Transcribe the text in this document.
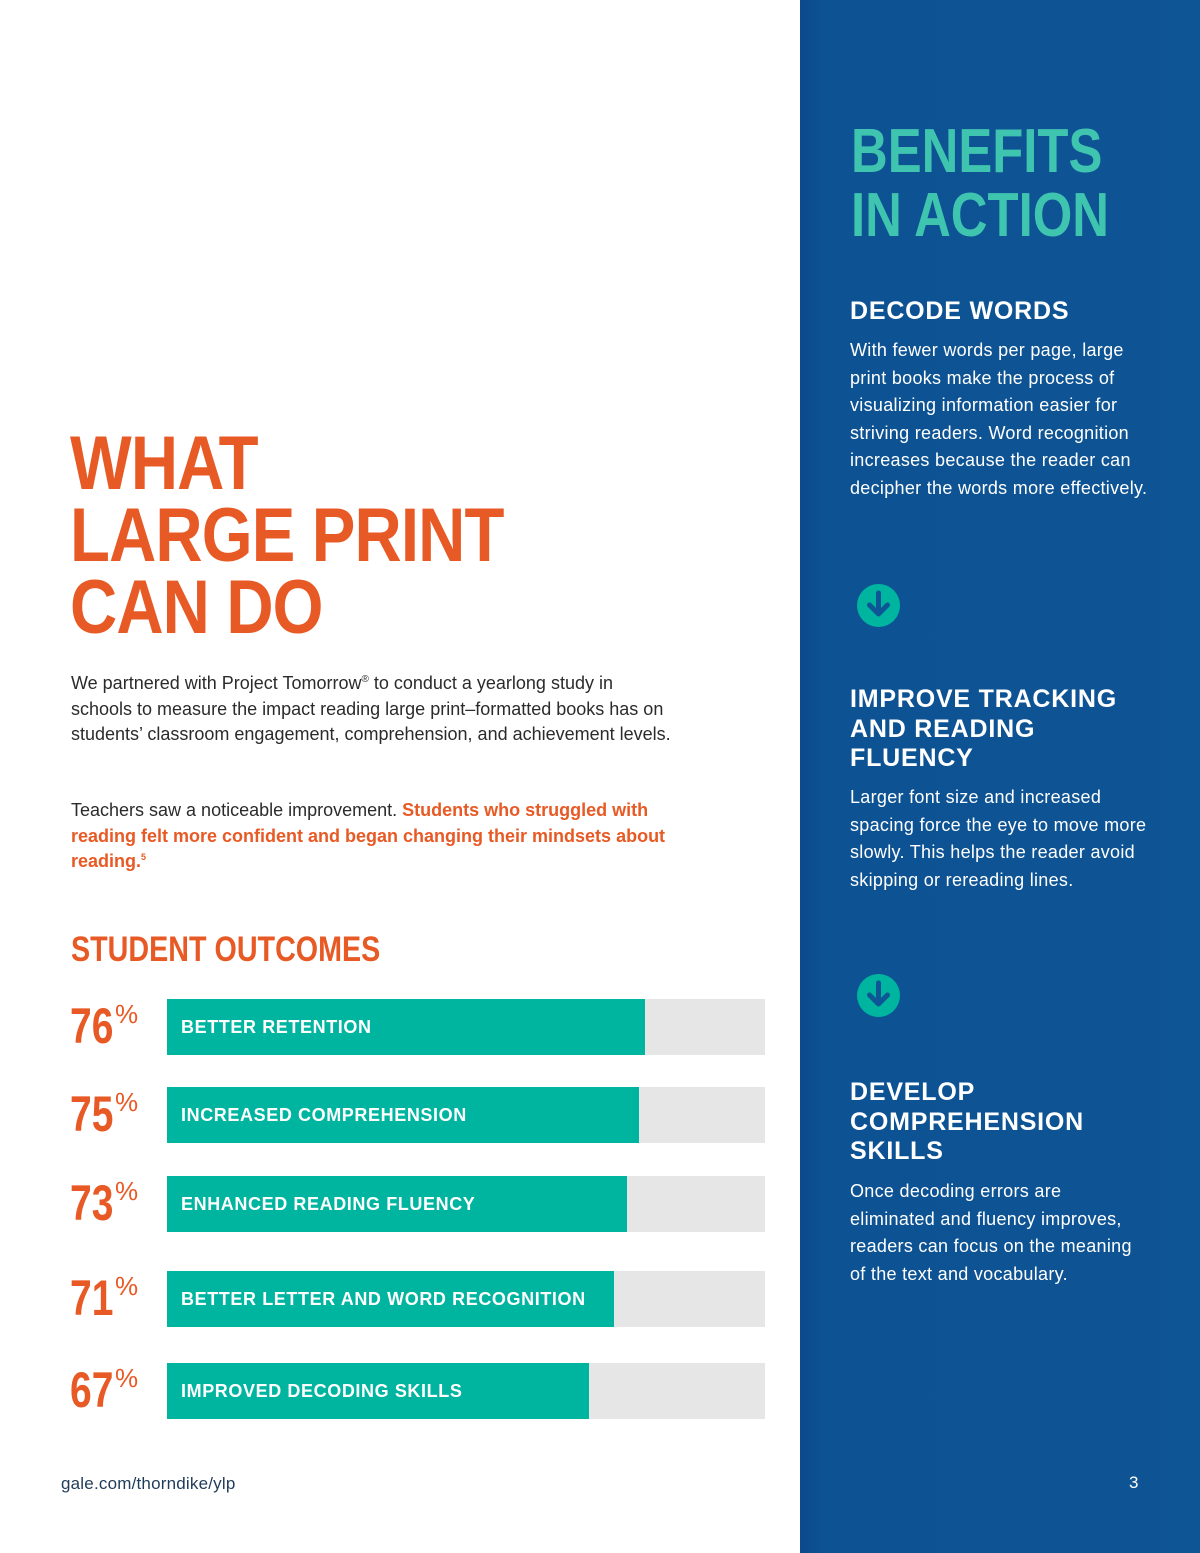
WHAT
LARGE PRINT
CAN DO

We partnered with Project Tomorrow® to conduct a yearlong study in schools to measure the impact reading large print–formatted books has on students’ classroom engagement, comprehension, and achievement levels.

Teachers saw a noticeable improvement. Students who struggled with reading felt more confident and began changing their mindsets about reading.$^5$

STUDENT OUTCOMES
76 % BETTER RETENTION
75 % INCREASED COMPREHENSION
73 % ENHANCED READING FLUENCY
71 % BETTER LETTER AND WORD RECOGNITION
67 % IMPROVED DECODING SKILLS

gale.com/thorndike/ylp

BENEFITS
IN ACTION
DECODE WORDS

With fewer words per page, large print books make the process of visualizing information easier for striving readers. Word recognition increases because the reader can decipher the words more effectively.

IMPROVE TRACKING
AND READING
FLUENCY

Larger font size and increased spacing force the eye to move more slowly. This helps the reader avoid skipping or rereading lines.

DEVELOP
COMPREHENSION
SKILLS

Once decoding errors are eliminated and fluency improves, readers can focus on the meaning of the text and vocabulary.

3
